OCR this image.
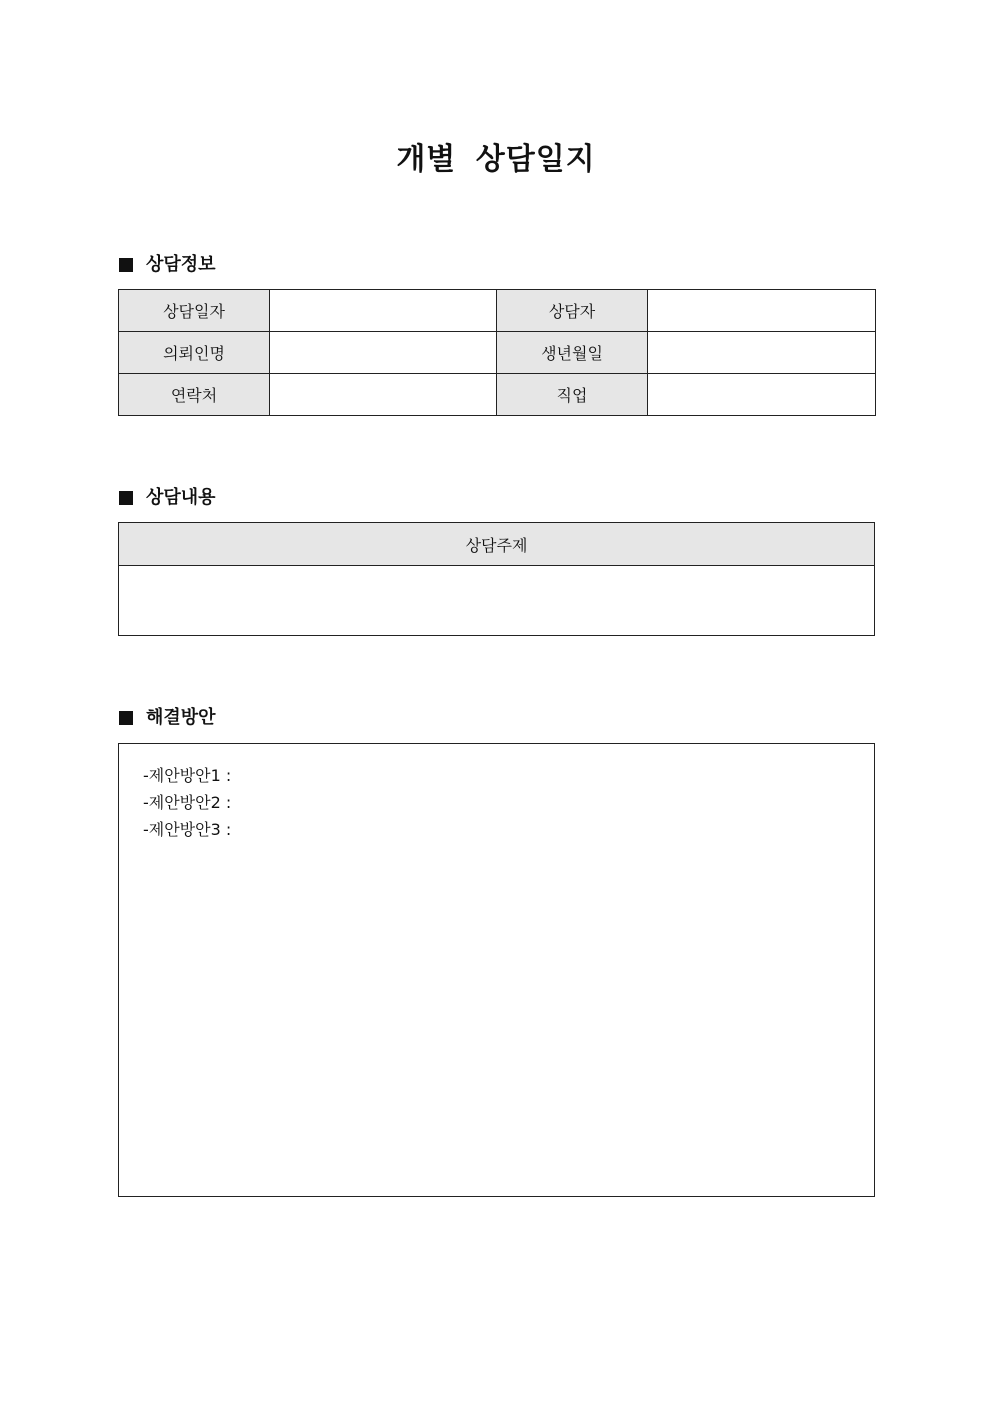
개별 상담일지
상담정보
상담일자		상담자	
의뢰인명		생년월일	
연락처		직업	
상담내용
상담주제

해결방안
-제안방안1 :
-제안방안2 :
-제안방안3 :
